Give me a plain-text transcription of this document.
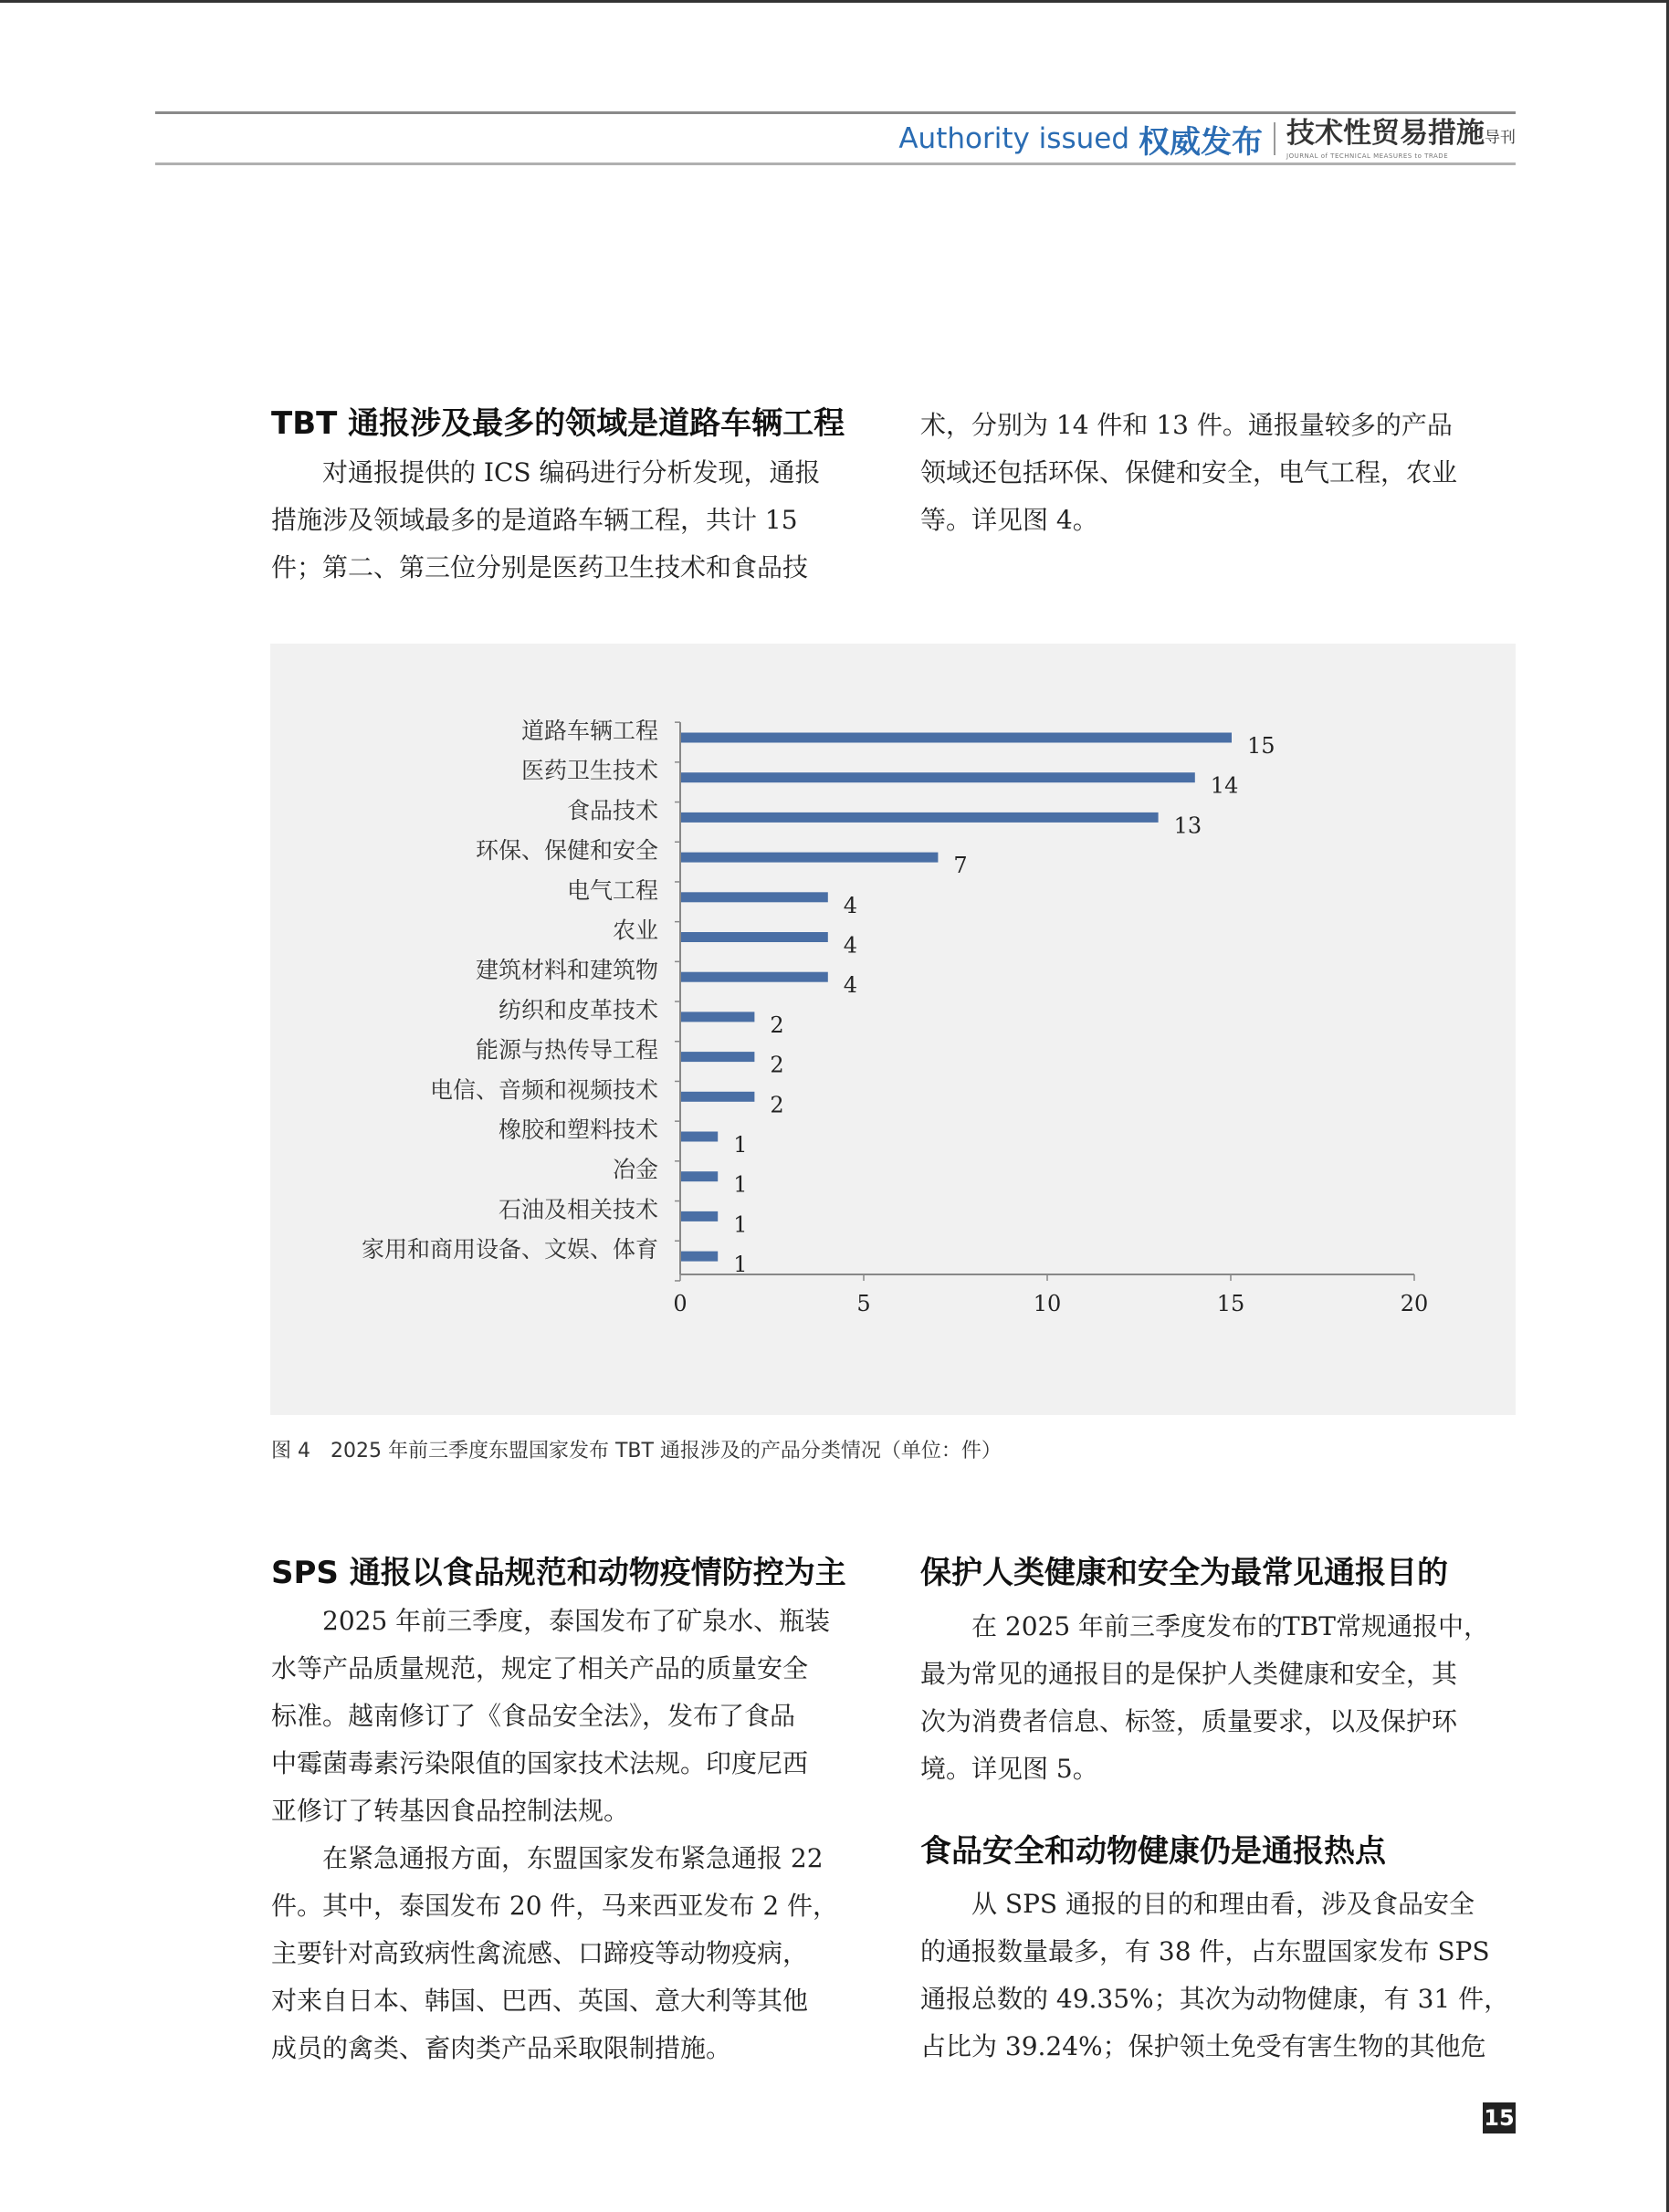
Authority issued 权威发布 技术性贸易措施导刊
JOURNAL of TECHNICAL MEASURES to TRADE
TBT 通报涉及最多的领域是道路车辆工程
　　对通报提供的 ICS 编码进行分析发现，通报
措施涉及领域最多的是道路车辆工程，共计 15
件；第二、第三位分别是医药卫生技术和食品技
术，分别为 14 件和 13 件。通报量较多的产品
领域还包括环保、保健和安全，电气工程，农业
等。详见图 4。
道路车辆工程
15
医药卫生技术
14
食品技术
13
环保、保健和安全
7
电气工程
4
农业
4
建筑材料和建筑物
4
纺织和皮革技术
2
能源与热传导工程
2
电信、音频和视频技术
2
橡胶和塑料技术
1
冶金
1
石油及相关技术
1
家用和商用设备、文娱、体育
1
0	5	10	15	20
图 4　2025 年前三季度东盟国家发布 TBT 通报涉及的产品分类情况（单位：件）
SPS 通报以食品规范和动物疫情防控为主
　　2025 年前三季度，泰国发布了矿泉水、瓶装
水等产品质量规范，规定了相关产品的质量安全
标准。越南修订了《食品安全法》，发布了食品
中霉菌毒素污染限值的国家技术法规。印度尼西
亚修订了转基因食品控制法规。
　　在紧急通报方面，东盟国家发布紧急通报 22
件。其中，泰国发布 20 件，马来西亚发布 2 件，
主要针对高致病性禽流感、口蹄疫等动物疫病，
对来自日本、韩国、巴西、英国、意大利等其他
成员的禽类、畜肉类产品采取限制措施。
保护人类健康和安全为最常见通报目的
　　在 2025 年前三季度发布的TBT常规通报中，
最为常见的通报目的是保护人类健康和安全，其
次为消费者信息、标签，质量要求，以及保护环
境。详见图 5。
食品安全和动物健康仍是通报热点
　　从 SPS 通报的目的和理由看，涉及食品安全
的通报数量最多，有 38 件，占东盟国家发布 SPS
通报总数的 49.35%；其次为动物健康，有 31 件，
占比为 39.24%；保护领土免受有害生物的其他危
15
